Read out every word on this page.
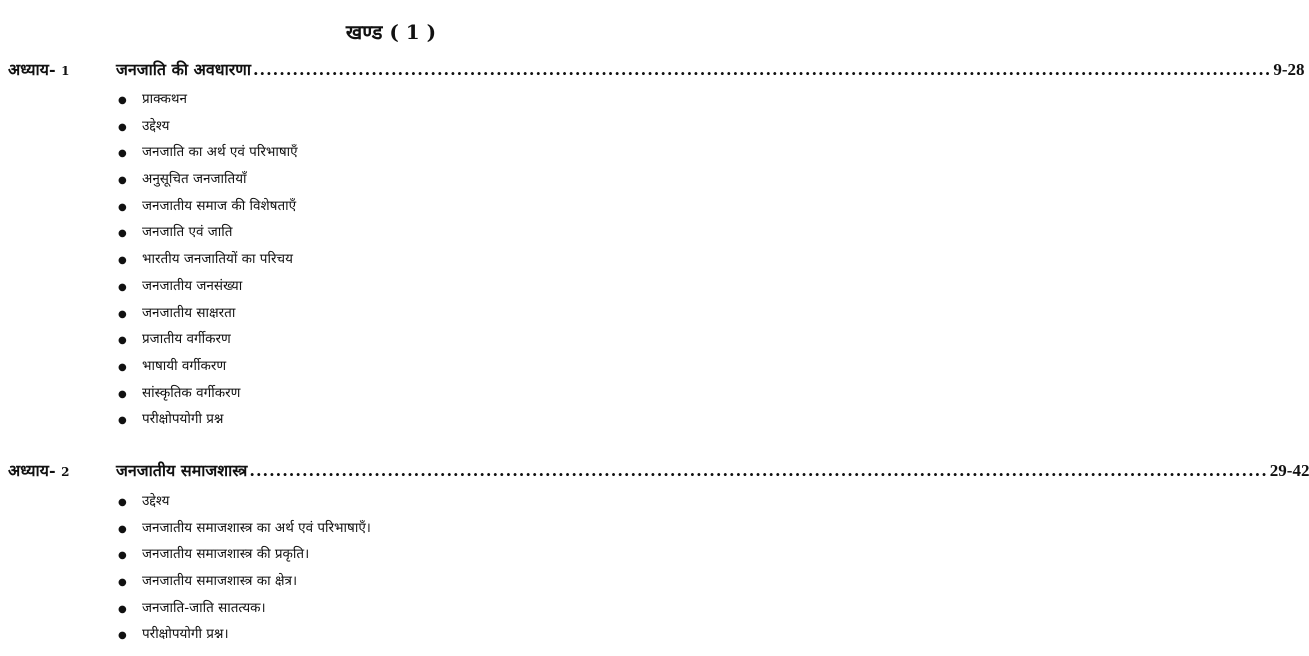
खण्ड ( 1 )
अध्याय- 1	जनजाति की अवधारणा ........................................................................................................................................................... 9-28
● प्राक्कथन
● उद्देश्य
● जनजाति का अर्थ एवं परिभाषाएँ
● अनुसूचित जनजातियाँ
● जनजातीय समाज की विशेषताएँ
● जनजाति एवं जाति
● भारतीय जनजातियों का परिचय
● जनजातीय जनसंख्या
● जनजातीय साक्षरता
● प्रजातीय वर्गीकरण
● भाषायी वर्गीकरण
● सांस्कृतिक वर्गीकरण
● परीक्षोपयोगी प्रश्न
अध्याय- 2	जनजातीय समाजशास्त्र ........................................................................................................................................................... 29-42
● उद्देश्य
● जनजातीय समाजशास्त्र का अर्थ एवं परिभाषाएँ।
● जनजातीय समाजशास्त्र की प्रकृति।
● जनजातीय समाजशास्त्र का क्षेत्र।
● जनजाति-जाति सातत्यक।
● परीक्षोपयोगी प्रश्न।
